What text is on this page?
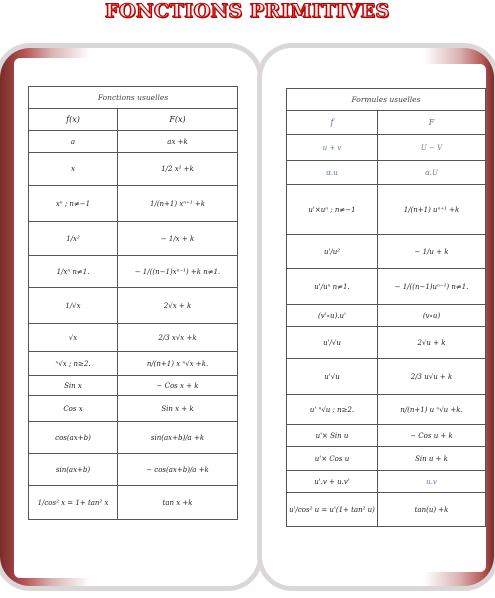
FONCTIONS PRIMITIVES
Fonctions usuelles	
f(x)	F(x)
a	ax +k
x	1/2 x² +k
xⁿ ; n≠−1	1/(n+1) xⁿ⁺¹ +k
1/x²	− 1/x + k
1/xⁿ n≠1.	− 1/((n−1)xⁿ⁻¹) +k n≠1.
1/√x	2√x + k
√x	2/3 x√x +k
ⁿ√x ; n≥2.	n/(n+1) x ⁿ√x +k.
Sin x	− Cos x + k
Cos x	Sin x + k
cos(ax+b)	sin(ax+b)/a +k
sin(ax+b)	− cos(ax+b)/a +k
1/cos² x = 1+ tan² x	tan x +k
Formules usuelles	
f	F
u + v	U − V
α.u	α.U
u'×uⁿ ; n≠−1	1/(n+1) uⁿ⁺¹ +k
u'/u²	− 1/u + k
u'/uⁿ n≠1.	− 1/((n−1)uⁿ⁻¹) n≠1.
(v'∘u).u'	(v∘u)
u'/√u	2√u + k
u'√u	2/3 u√u + k
u' ⁿ√u ; n≥2.	n/(n+1) u ⁿ√u +k.
u'× Sin u	− Cos u + k
u'× Cos u	Sin u + k
u'.v + u.v'	u.v
u'/cos² u = u'(1+ tan² u)	tan(u) +k
